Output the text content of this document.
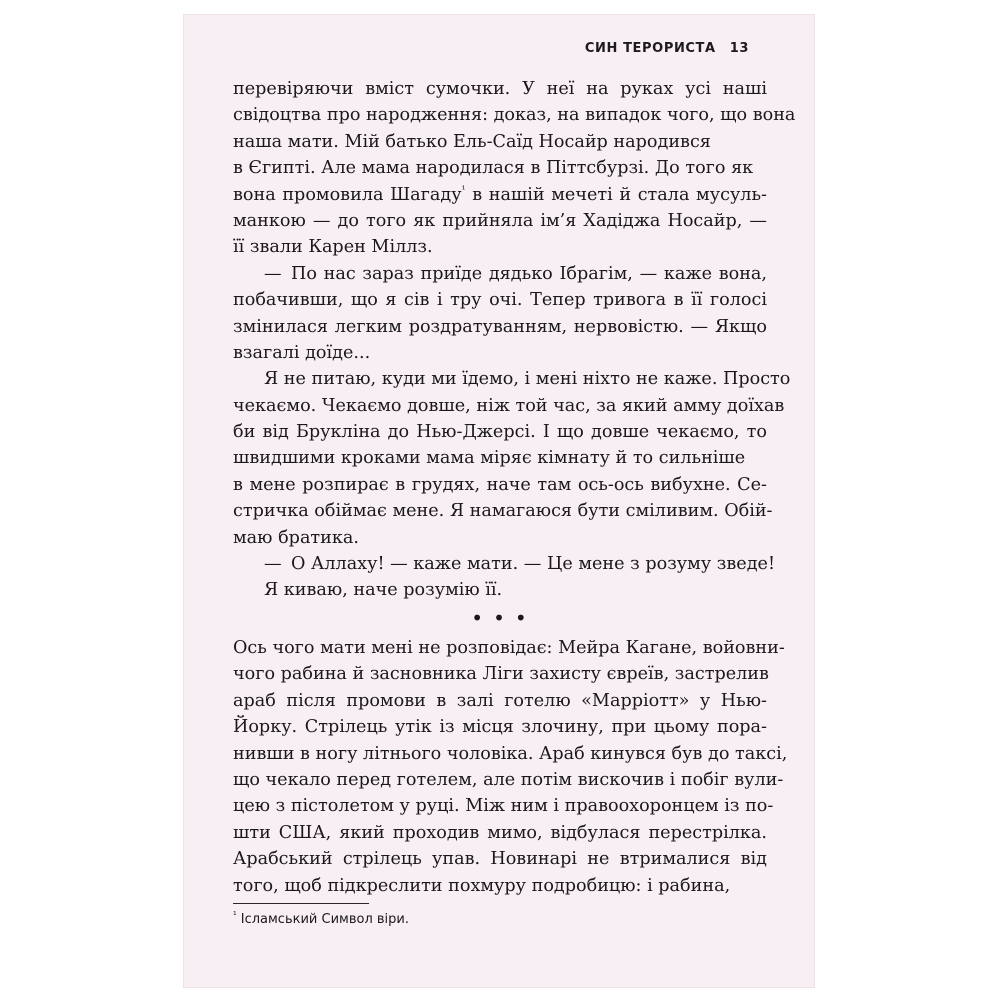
СИН ТЕРОРИСТА 13
перевіряючи вміст сумочки. У неї на руках усі наші
свідоцтва про народження: доказ, на випадок чого, що вона
наша мати. Мій батько Ель-Саїд Носайр народився
в Єгипті. Але мама народилася в Піттсбурзі. До того як
вона промовила Шагаду$^{^1}$ в нашій мечеті й стала мусуль-
манкою — до того як прийняла ім’я Хадіджа Носайр, —
її звали Карен Міллз.
— По нас зараз приїде дядько Ібрагім, — каже вона,
побачивши, що я сів і тру очі. Тепер тривога в її голосі
змінилася легким роздратуванням, нервовістю. — Якщо
взагалі доїде...
Я не питаю, куди ми їдемо, і мені ніхто не каже. Просто
чекаємо. Чекаємо довше, ніж той час, за який амму доїхав
би від Брукліна до Нью-Джерсі. І що довше чекаємо, то
швидшими кроками мама міряє кімнату й то сильніше
в мене розпирає в грудях, наче там ось-ось вибухне. Се-
стричка обіймає мене. Я намагаюся бути сміливим. Обій-
маю братика.
— О Аллаху! — каже мати. — Це мене з розуму зведе!
Я киваю, наче розумію її.
•••
Ось чого мати мені не розповідає: Мейра Кагане, войовни-
чого рабина й засновника Ліги захисту євреїв, застрелив
араб після промови в залі готелю «Марріотт» у Нью-
Йорку. Стрілець утік із місця злочину, при цьому пора-
нивши в ногу літнього чоловіка. Араб кинувся був до таксі,
що чекало перед готелем, але потім вискочив і побіг вули-
цею з пістолетом у руці. Між ним і правоохоронцем із по-
шти США, який проходив мимо, відбулася перестрілка.
Арабський стрілець упав. Новинарі не втрималися від
того, щоб підкреслити похмуру подробицю: і рабина,
$^{^1}$ Ісламський Символ віри.
